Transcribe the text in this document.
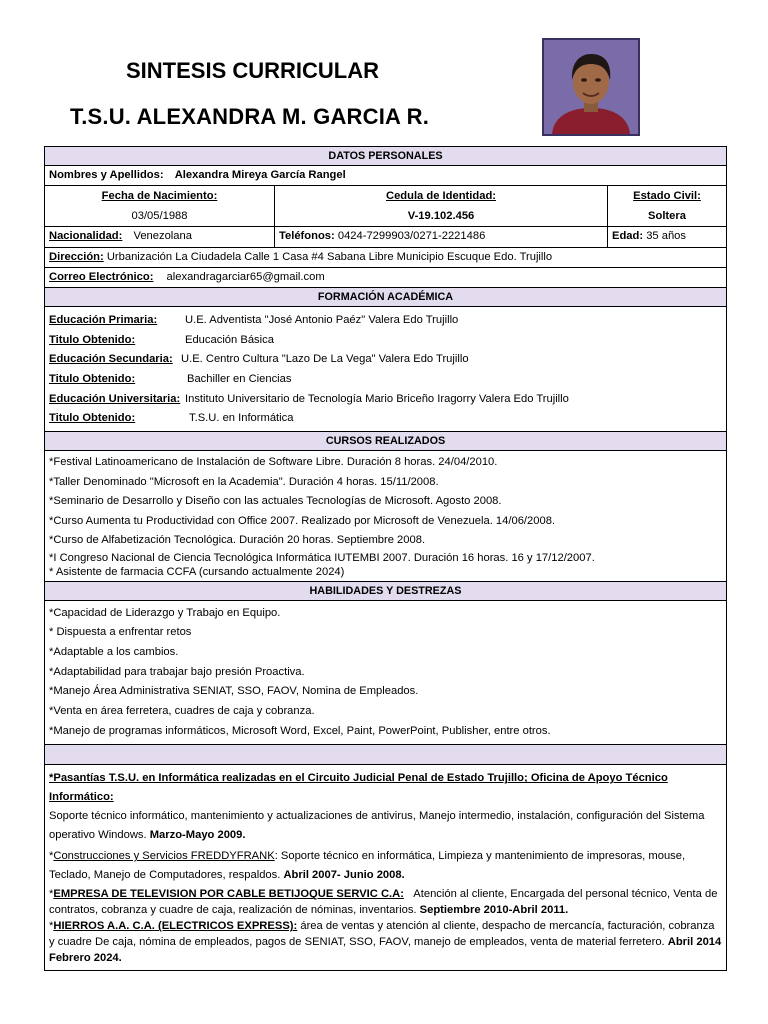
SINTESIS CURRICULAR
T.S.U. ALEXANDRA M. GARCIA R.
DATOS PERSONALES
Nombres y Apellidos: Alexandra Mireya García Rangel
Fecha de Nacimiento:
03/05/1988
Cedula de Identidad:
V-19.102.456
Estado Civil:
Soltera
Nacionalidad: Venezolana	Teléfonos: 0424-7299903/0271-2221486	Edad: 35 años
Dirección: Urbanización La Ciudadela Calle 1 Casa #4 Sabana Libre Municipio Escuque Edo. Trujillo
Correo Electrónico: alexandragarciar65@gmail.com
FORMACIÓN ACADÉMICA
Educación Primaria: U.E. Adventista "José Antonio Paéz" Valera Edo Trujillo
Titulo Obtenido:	Educación Básica
Educación Secundaria: U.E. Centro Cultura "Lazo De La Vega" Valera Edo Trujillo
Titulo Obtenido:	Bachiller en Ciencias
Educación Universitaria: Instituto Universitario de Tecnología Mario Briceño Iragorry Valera Edo Trujillo
Titulo Obtenido:	T.S.U. en Informática
CURSOS REALIZADOS
*Festival Latinoamericano de Instalación de Software Libre. Duración 8 horas. 24/04/2010.
*Taller Denominado "Microsoft en la Academia". Duración 4 horas. 15/11/2008.
*Seminario de Desarrollo y Diseño con las actuales Tecnologías de Microsoft. Agosto 2008.
*Curso Aumenta tu Productividad con Office 2007. Realizado por Microsoft de Venezuela. 14/06/2008.
*Curso de Alfabetización Tecnológica. Duración 20 horas. Septiembre 2008.
*I Congreso Nacional de Ciencia Tecnológica Informática IUTEMBI 2007. Duración 16 horas. 16 y 17/12/2007.
* Asistente de farmacia CCFA (cursando actualmente 2024)
HABILIDADES Y DESTREZAS
*Capacidad de Liderazgo y Trabajo en Equipo.
* Dispuesta a enfrentar retos
*Adaptable a los cambios.
*Adaptabilidad para trabajar bajo presión Proactiva.
*Manejo Área Administrativa SENIAT, SSO, FAOV, Nomina de Empleados.
*Venta en área ferretera, cuadres de caja y cobranza.
*Manejo de programas informáticos, Microsoft Word, Excel, Paint, PowerPoint, Publisher, entre otros.

*Pasantías T.S.U. en Informática realizadas en el Circuito Judicial Penal de Estado Trujillo; Oficina de Apoyo Técnico Informático:
Soporte técnico informático, mantenimiento y actualizaciones de antivirus, Manejo intermedio, instalación, configuración del Sistema operativo Windows. Marzo-Mayo 2009.

*Construcciones y Servicios FREDDYFRANK: Soporte técnico en informática, Limpieza y mantenimiento de impresoras, mouse, Teclado, Manejo de Computadores, respaldos. Abril 2007- Junio 2008.

*EMPRESA DE TELEVISION POR CABLE BETIJOQUE SERVIC C.A: Atención al cliente, Encargada del personal técnico, Venta de contratos, cobranza y cuadre de caja, realización de nóminas, inventarios. Septiembre 2010-Abril 2011.

*HIERROS A.A. C.A. (ELECTRICOS EXPRESS): área de ventas y atención al cliente, despacho de mercancía, facturación, cobranza y cuadre De caja, nómina de empleados, pagos de SENIAT, SSO, FAOV, manejo de empleados, venta de material ferretero. Abril 2014 Febrero 2024.
